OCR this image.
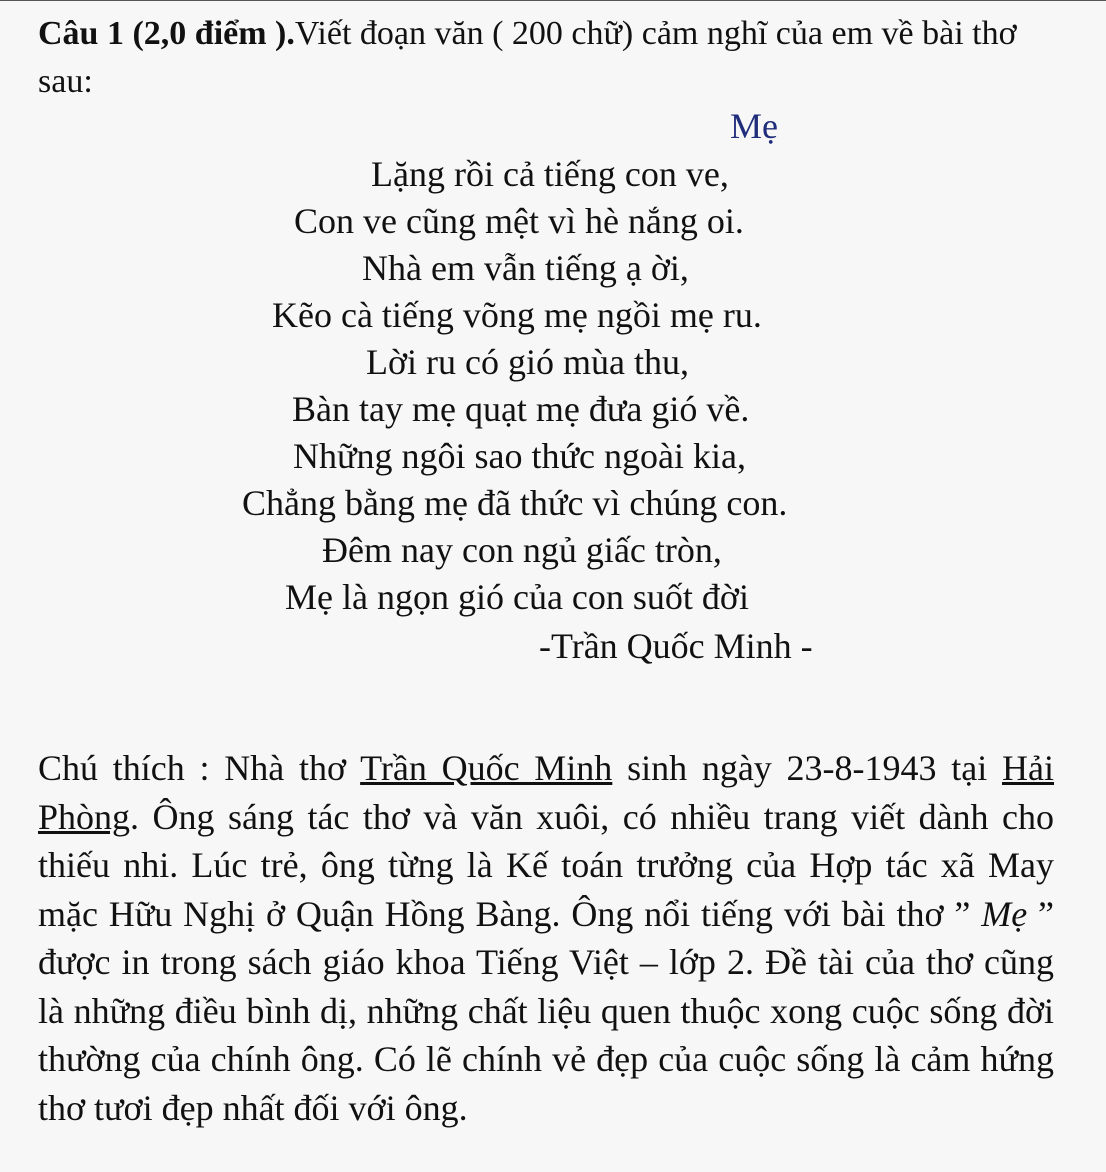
Câu 1 (2,0 điểm ).Viết đoạn văn ( 200 chữ) cảm nghĩ của em về bài thơ sau:
Mẹ
Lặng rồi cả tiếng con ve,
Con ve cũng mệt vì hè nắng oi.
Nhà em vẫn tiếng ạ ời,
Kẽo cà tiếng võng mẹ ngồi mẹ ru.
Lời ru có gió mùa thu,
Bàn tay mẹ quạt mẹ đưa gió về.
Những ngôi sao thức ngoài kia,
Chẳng bằng mẹ đã thức vì chúng con.
Đêm nay con ngủ giấc tròn,
Mẹ là ngọn gió của con suốt đời
-Trần Quốc Minh -
Chú thích : Nhà thơ Trần Quốc Minh sinh ngày 23-8-1943 tại Hải Phòng. Ông sáng tác thơ và văn xuôi, có nhiều trang viết dành cho thiếu nhi. Lúc trẻ, ông từng là Kế toán trưởng của Hợp tác xã May mặc Hữu Nghị ở Quận Hồng Bàng. Ông nổi tiếng với bài thơ ” Mẹ ” được in trong sách giáo khoa Tiếng Việt – lớp 2. Đề tài của thơ cũng là những điều bình dị, những chất liệu quen thuộc xong cuộc sống đời thường của chính ông. Có lẽ chính vẻ đẹp của cuộc sống là cảm hứng thơ tươi đẹp nhất đối với ông.
